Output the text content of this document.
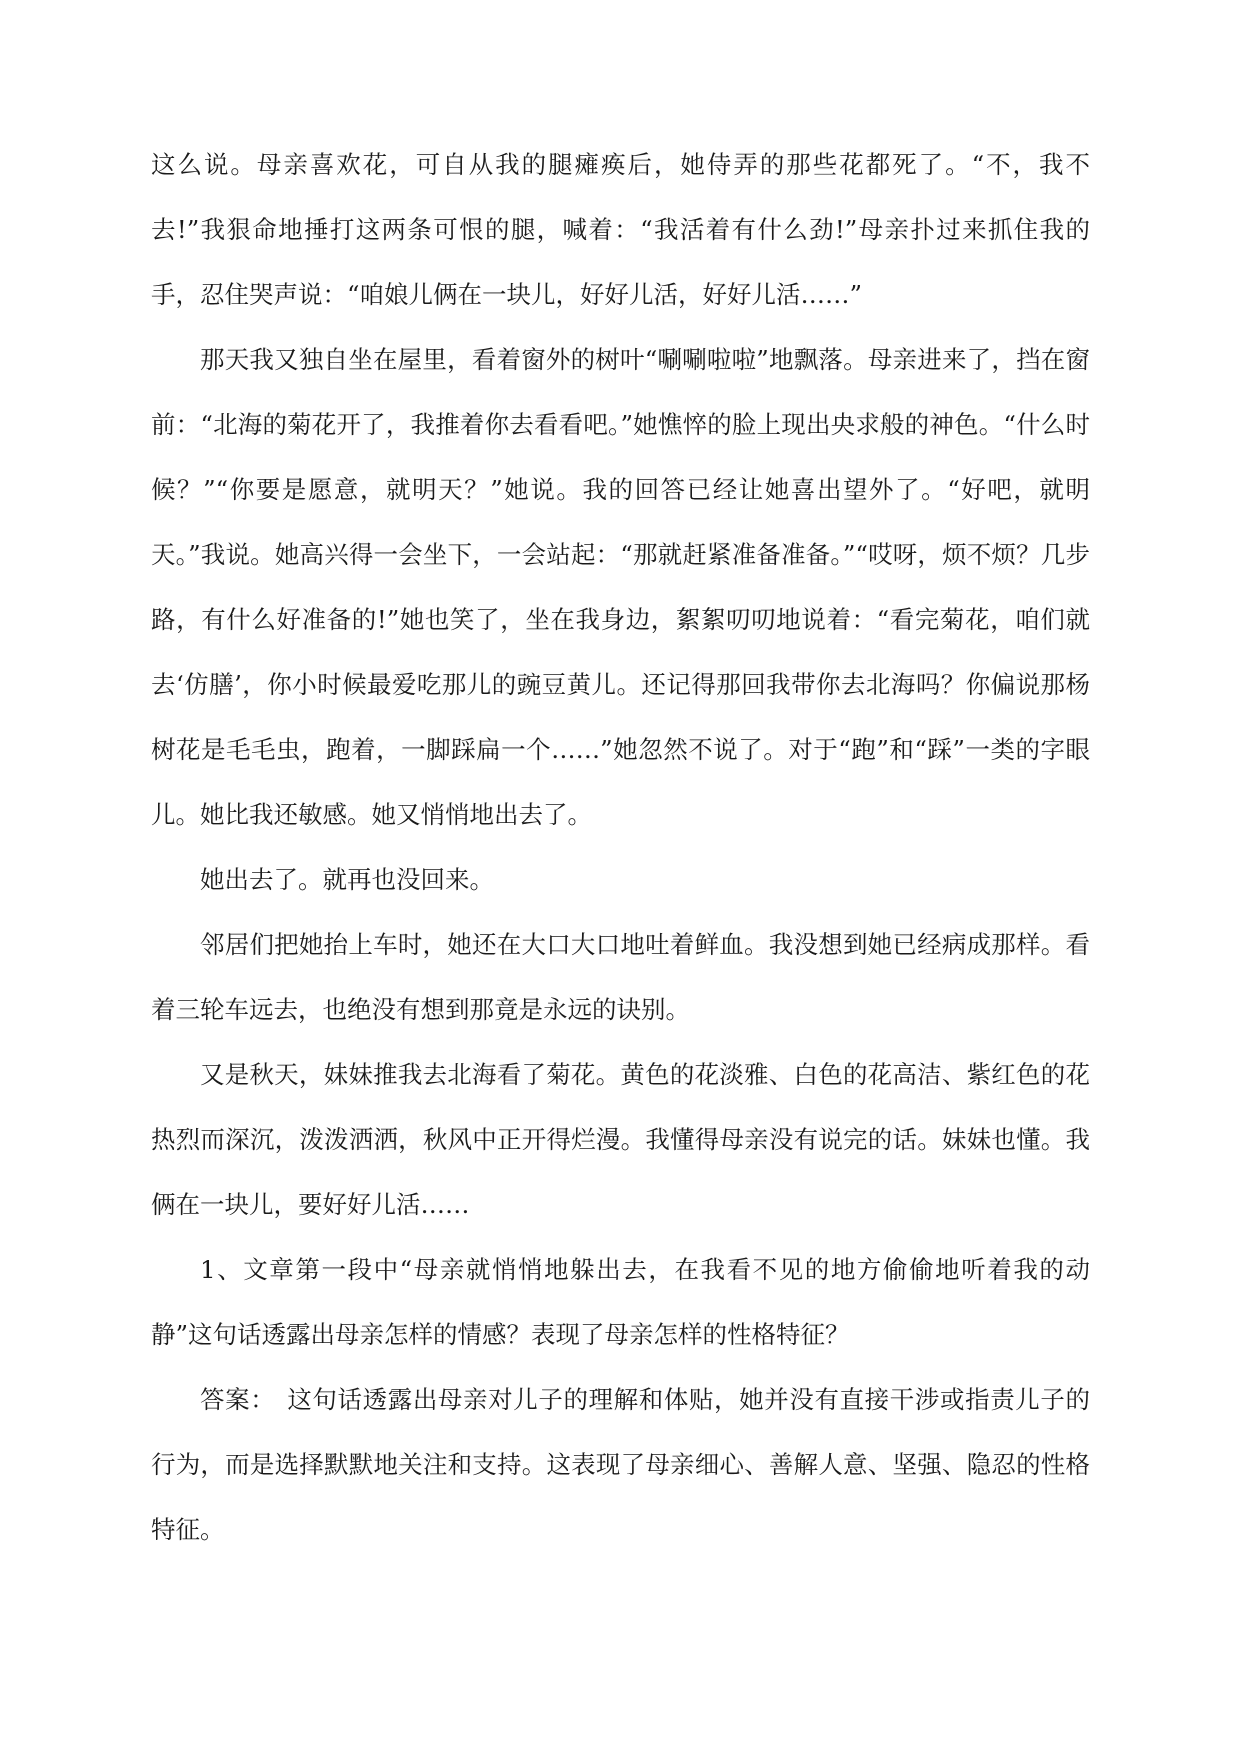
这么说。母亲喜欢花，可自从我的腿瘫痪后，她侍弄的那些花都死了。“不，我不去!”我狠命地捶打这两条可恨的腿，喊着：“我活着有什么劲!”母亲扑过来抓住我的手，忍住哭声说：“咱娘儿俩在一块儿，好好儿活，好好儿活……”

那天我又独自坐在屋里，看着窗外的树叶“唰唰啦啦”地飘落。母亲进来了，挡在窗前：“北海的菊花开了，我推着你去看看吧。”她憔悴的脸上现出央求般的神色。“什么时候？”“你要是愿意，就明天？”她说。我的回答已经让她喜出望外了。“好吧，就明天。”我说。她高兴得一会坐下，一会站起：“那就赶紧准备准备。”“哎呀，烦不烦？几步路，有什么好准备的!”她也笑了，坐在我身边，絮絮叨叨地说着：“看完菊花，咱们就去‘仿膳’，你小时候最爱吃那儿的豌豆黄儿。还记得那回我带你去北海吗？你偏说那杨树花是毛毛虫，跑着，一脚踩扁一个……”她忽然不说了。对于“跑”和“踩”一类的字眼儿。她比我还敏感。她又悄悄地出去了。

她出去了。就再也没回来。

邻居们把她抬上车时，她还在大口大口地吐着鲜血。我没想到她已经病成那样。看着三轮车远去，也绝没有想到那竟是永远的诀别。

又是秋天，妹妹推我去北海看了菊花。黄色的花淡雅、白色的花高洁、紫红色的花热烈而深沉，泼泼洒洒，秋风中正开得烂漫。我懂得母亲没有说完的话。妹妹也懂。我俩在一块儿，要好好儿活……

1、文章第一段中“母亲就悄悄地躲出去，在我看不见的地方偷偷地听着我的动静”这句话透露出母亲怎样的情感？表现了母亲怎样的性格特征？

答案： 这句话透露出母亲对儿子的理解和体贴，她并没有直接干涉或指责儿子的行为，而是选择默默地关注和支持。这表现了母亲细心、善解人意、坚强、隐忍的性格特征。
